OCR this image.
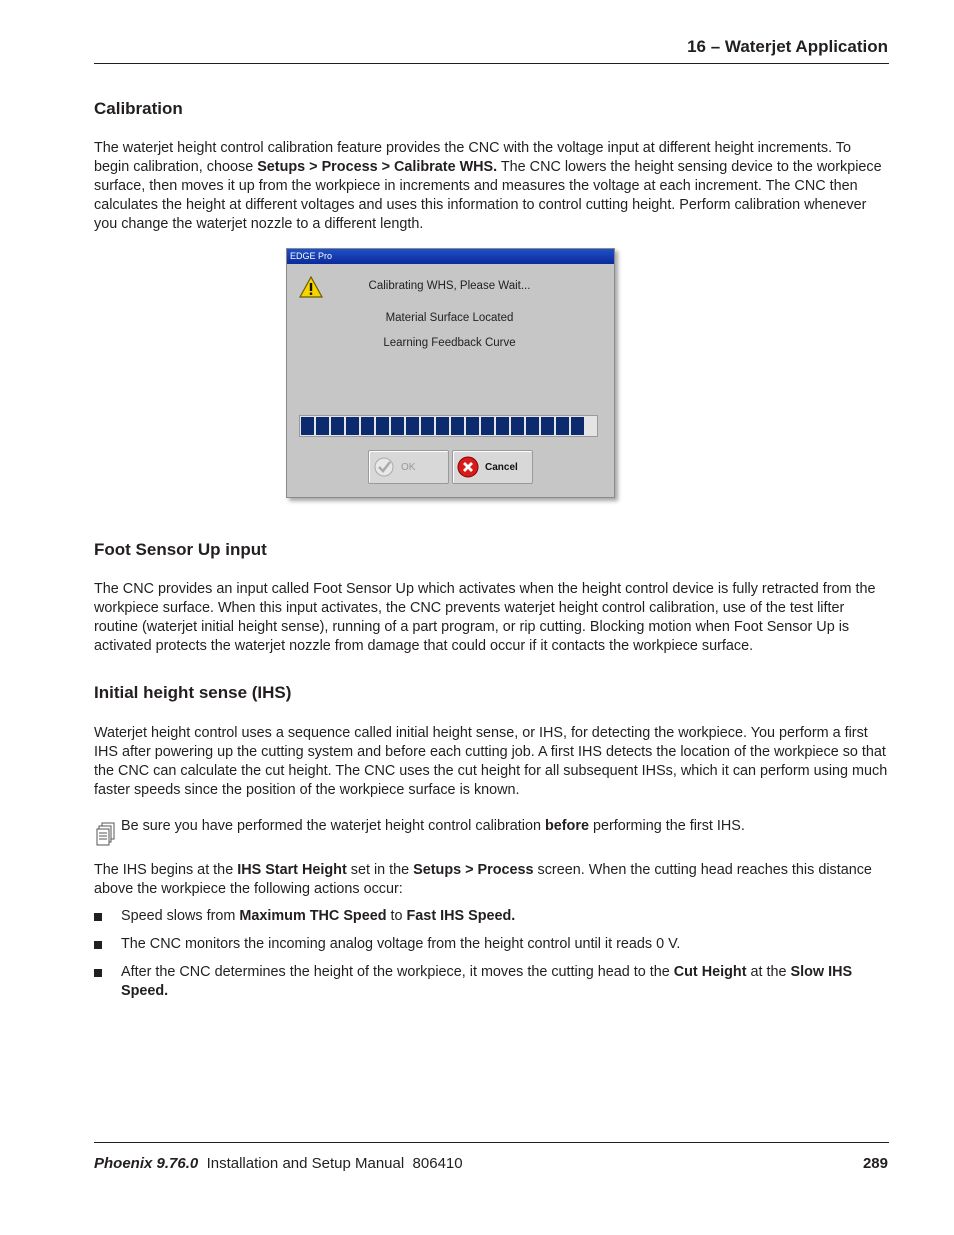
16 – Waterjet Application
Calibration

The waterjet height control calibration feature provides the CNC with the voltage input at different height increments. To begin calibration, choose Setups > Process > Calibrate WHS. The CNC lowers the height sensing device to the workpiece surface, then moves it up from the workpiece in increments and measures the voltage at each increment. The CNC then calculates the height at different voltages and uses this information to control cutting height. Perform calibration whenever you change the waterjet nozzle to a different length.

EDGE Pro
Calibrating WHS, Please Wait...
Material Surface Located
Learning Feedback Curve
OK	Cancel
Foot Sensor Up input

The CNC provides an input called Foot Sensor Up which activates when the height control device is fully retracted from the workpiece surface. When this input activates, the CNC prevents waterjet height control calibration, use of the test lifter routine (waterjet initial height sense), running of a part program, or rip cutting. Blocking motion when Foot Sensor Up is activated protects the waterjet nozzle from damage that could occur if it contacts the workpiece surface.

Initial height sense (IHS)

Waterjet height control uses a sequence called initial height sense, or IHS, for detecting the workpiece. You perform a first IHS after powering up the cutting system and before each cutting job. A first IHS detects the location of the workpiece so that the CNC can calculate the cut height. The CNC uses the cut height for all subsequent IHSs, which it can perform using much faster speeds since the position of the workpiece surface is known.

Be sure you have performed the waterjet height control calibration before performing the first IHS.

The IHS begins at the IHS Start Height set in the Setups > Process screen. When the cutting head reaches this distance above the workpiece the following actions occur:

Speed slows from Maximum THC Speed to Fast IHS Speed.
The CNC monitors the incoming analog voltage from the height control until it reads 0 V.
After the CNC determines the height of the workpiece, it moves the cutting head to the Cut Height at the Slow IHS Speed.
Phoenix 9.76.0 Installation and Setup Manual 806410	289
